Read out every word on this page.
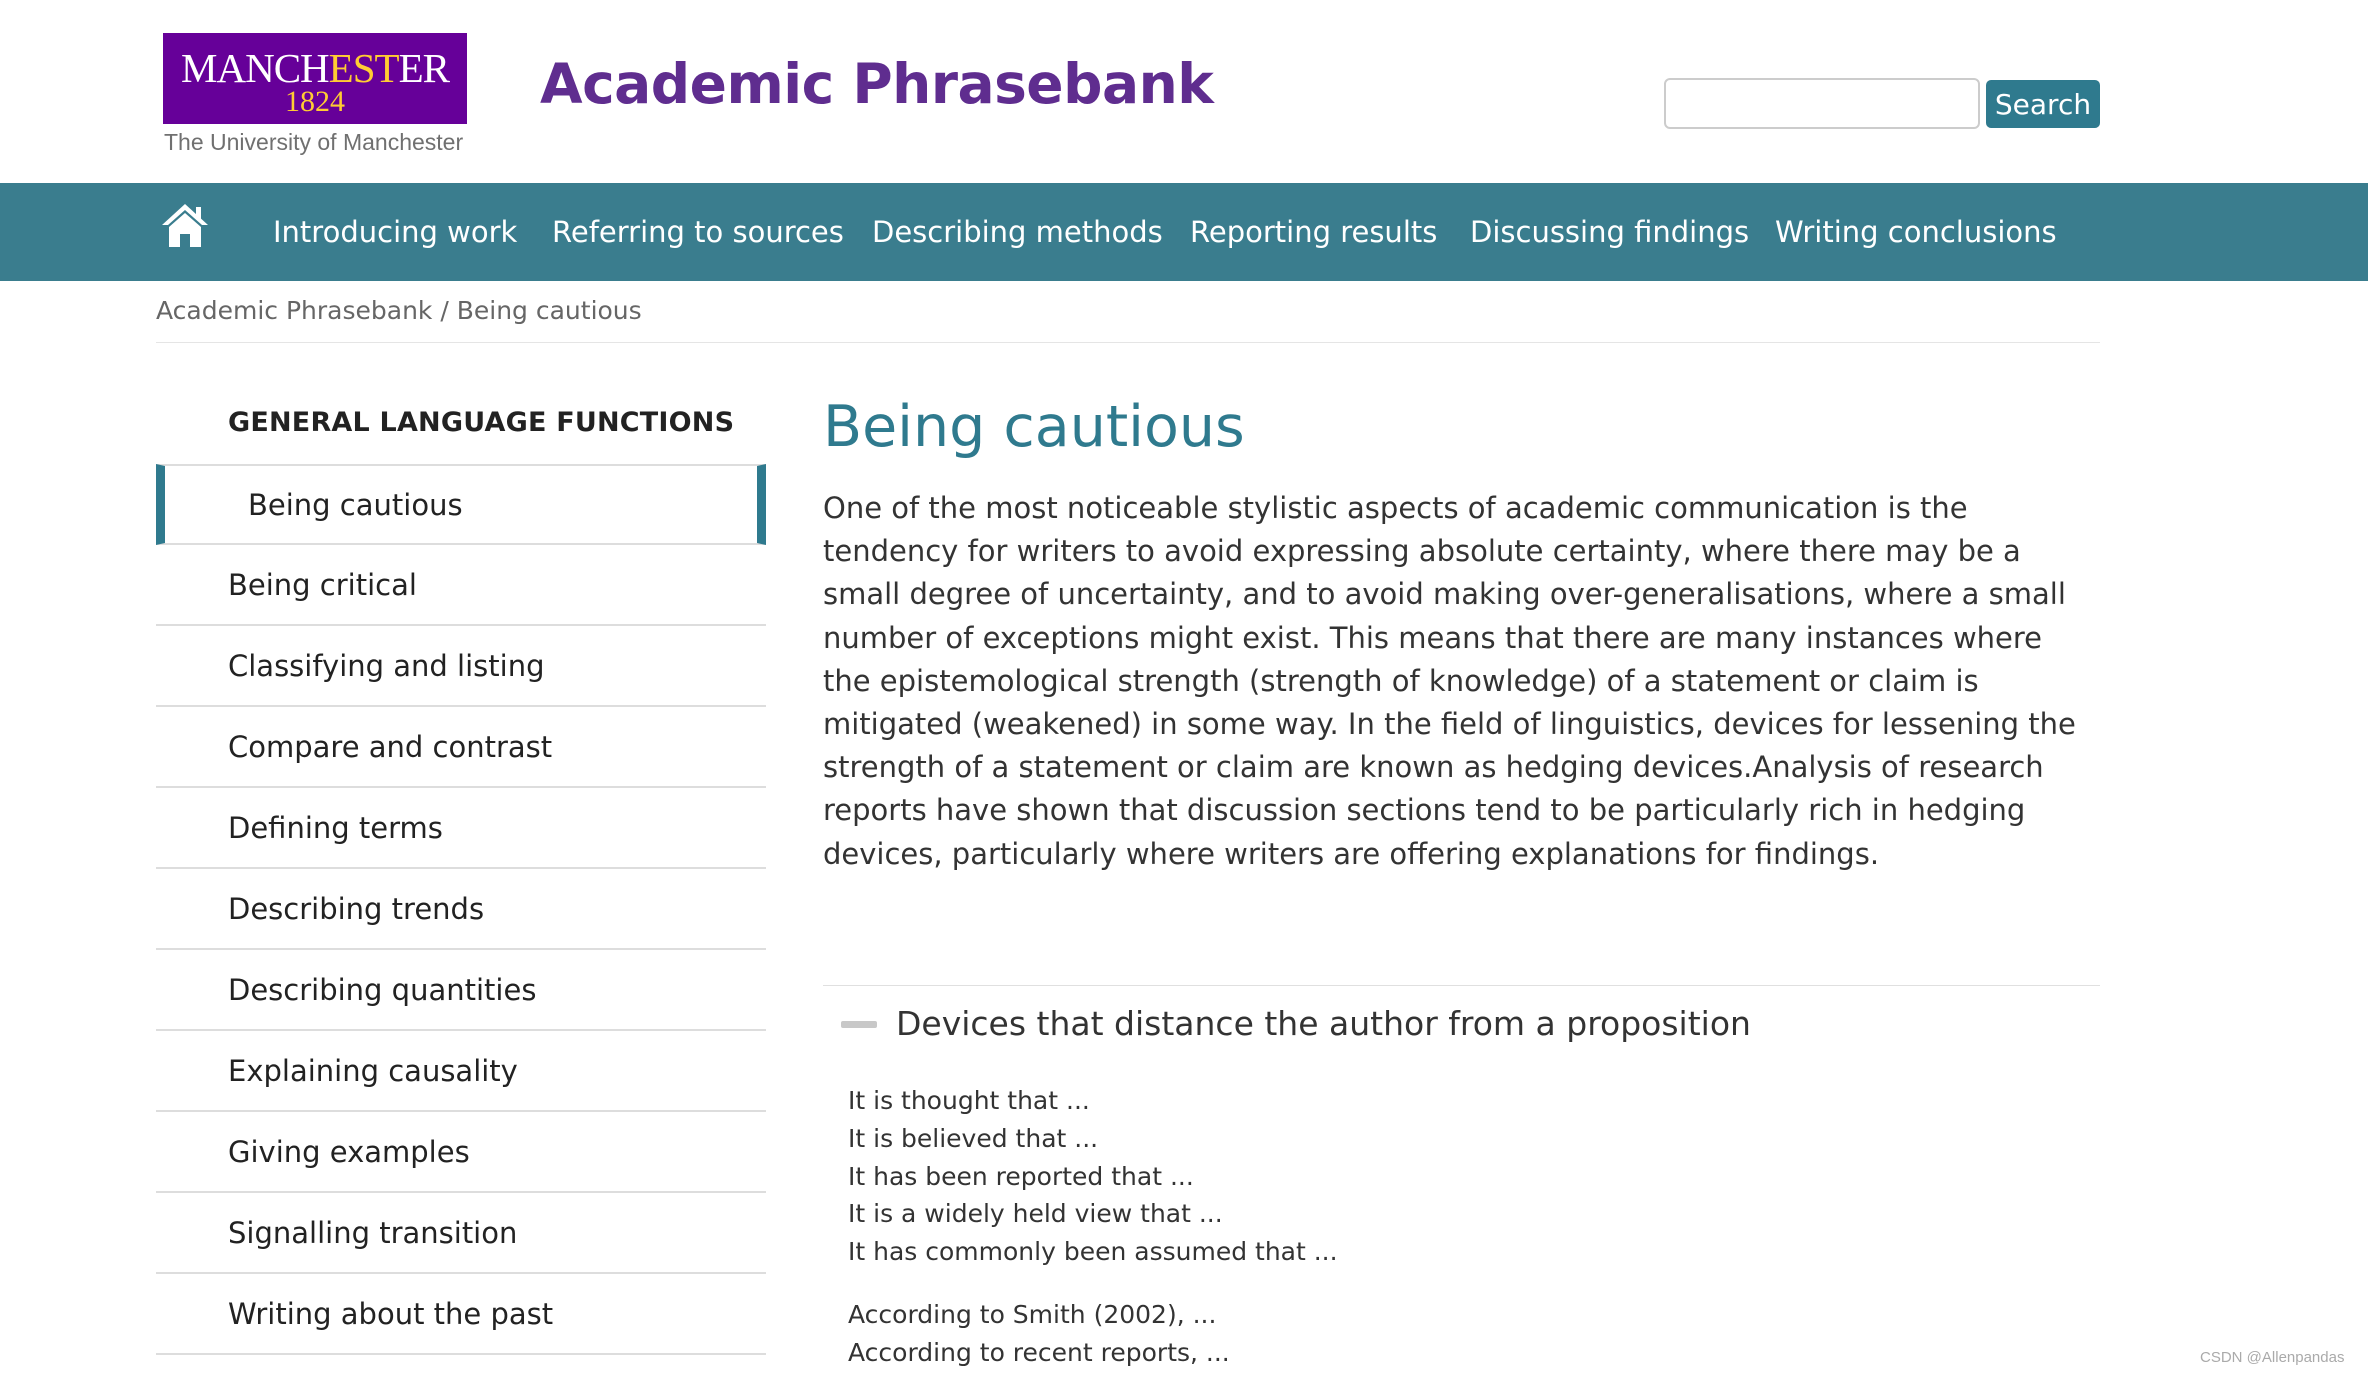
MANCHESTER
1824
The University of Manchester
Academic Phrasebank	Search
Introducing work Referring to sources Describing methods Reporting results Discussing findings Writing conclusions
Academic Phrasebank / Being cautious
GENERAL LANGUAGE FUNCTIONS
Being cautious
Being critical
Classifying and listing
Compare and contrast
Defining terms
Describing trends
Describing quantities
Explaining causality
Giving examples
Signalling transition
Writing about the past
Being cautious

One of the most noticeable stylistic aspects of academic communication is the tendency for writers to avoid expressing absolute certainty, where there may be a small degree of uncertainty, and to avoid making over-generalisations, where a small number of exceptions might exist. This means that there are many instances where the epistemological strength (strength of knowledge) of a statement or claim is mitigated (weakened) in some way. In the field of linguistics, devices for lessening the strength of a statement or claim are known as hedging devices.Analysis of research reports have shown that discussion sections tend to be particularly rich in hedging devices, particularly where writers are offering explanations for findings.

Devices that distance the author from a proposition
It is thought that ...
It is believed that ...
It has been reported that ...
It is a widely held view that ...
It has commonly been assumed that ...
According to Smith (2002), ...
According to recent reports, ...	CSDN @Allenpandas
